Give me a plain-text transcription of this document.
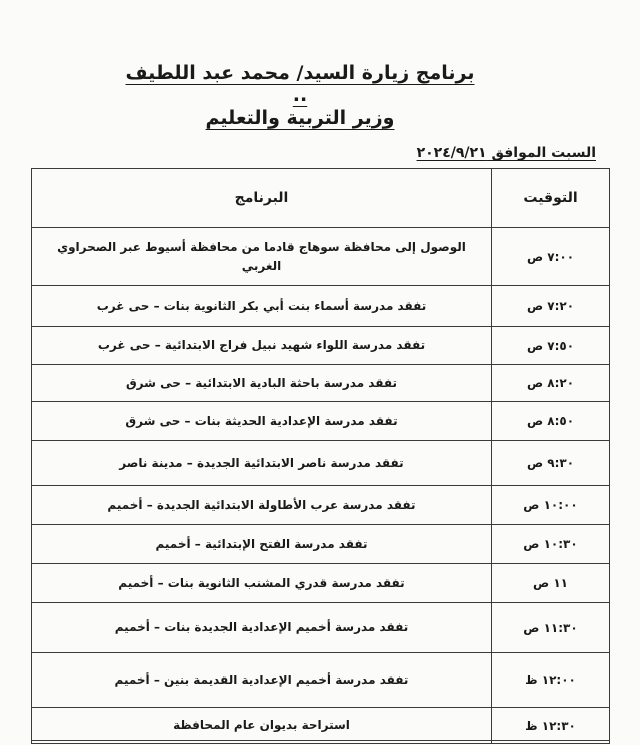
برنامج زيارة السيد/ محمد عبد اللطيف ..
وزير التربية والتعليم
السبت الموافق ٢٠٢٤/٩/٢١
التوقيت	البرنامج
٧:٠٠ ص	الوصول إلى محافظة سوهاج قادما من محافظة أسيوط عبر الصحراوي الغربي
٧:٢٠ ص	تفقد مدرسة أسماء بنت أبي بكر الثانوية بنات – حى غرب
٧:٥٠ ص	تفقد مدرسة اللواء شهيد نبيل فراج الابتدائية – حى غرب
٨:٢٠ ص	تفقد مدرسة باحثة البادية الابتدائية – حى شرق
٨:٥٠ ص	تفقد مدرسة الإعدادية الحديثة بنات – حى شرق
٩:٣٠ ص	تفقد مدرسة ناصر الابتدائية الجديدة – مدينة ناصر
١٠:٠٠ ص	تفقد مدرسة عرب الأطاولة الابتدائية الجديدة – أخميم
١٠:٣٠ ص	تفقد مدرسة الفتح الإبتدائية – أخميم
١١ ص	تفقد مدرسة قدري المشنب الثانوية بنات – أخميم
١١:٣٠ ص	تفقد مدرسة أخميم الإعدادية الجديدة بنات – أخميم
١٢:٠٠ ظ	تفقد مدرسة أخميم الإعدادية القديمة بنين – أخميم
١٢:٣٠ ظ	استراحة بديوان عام المحافظة
